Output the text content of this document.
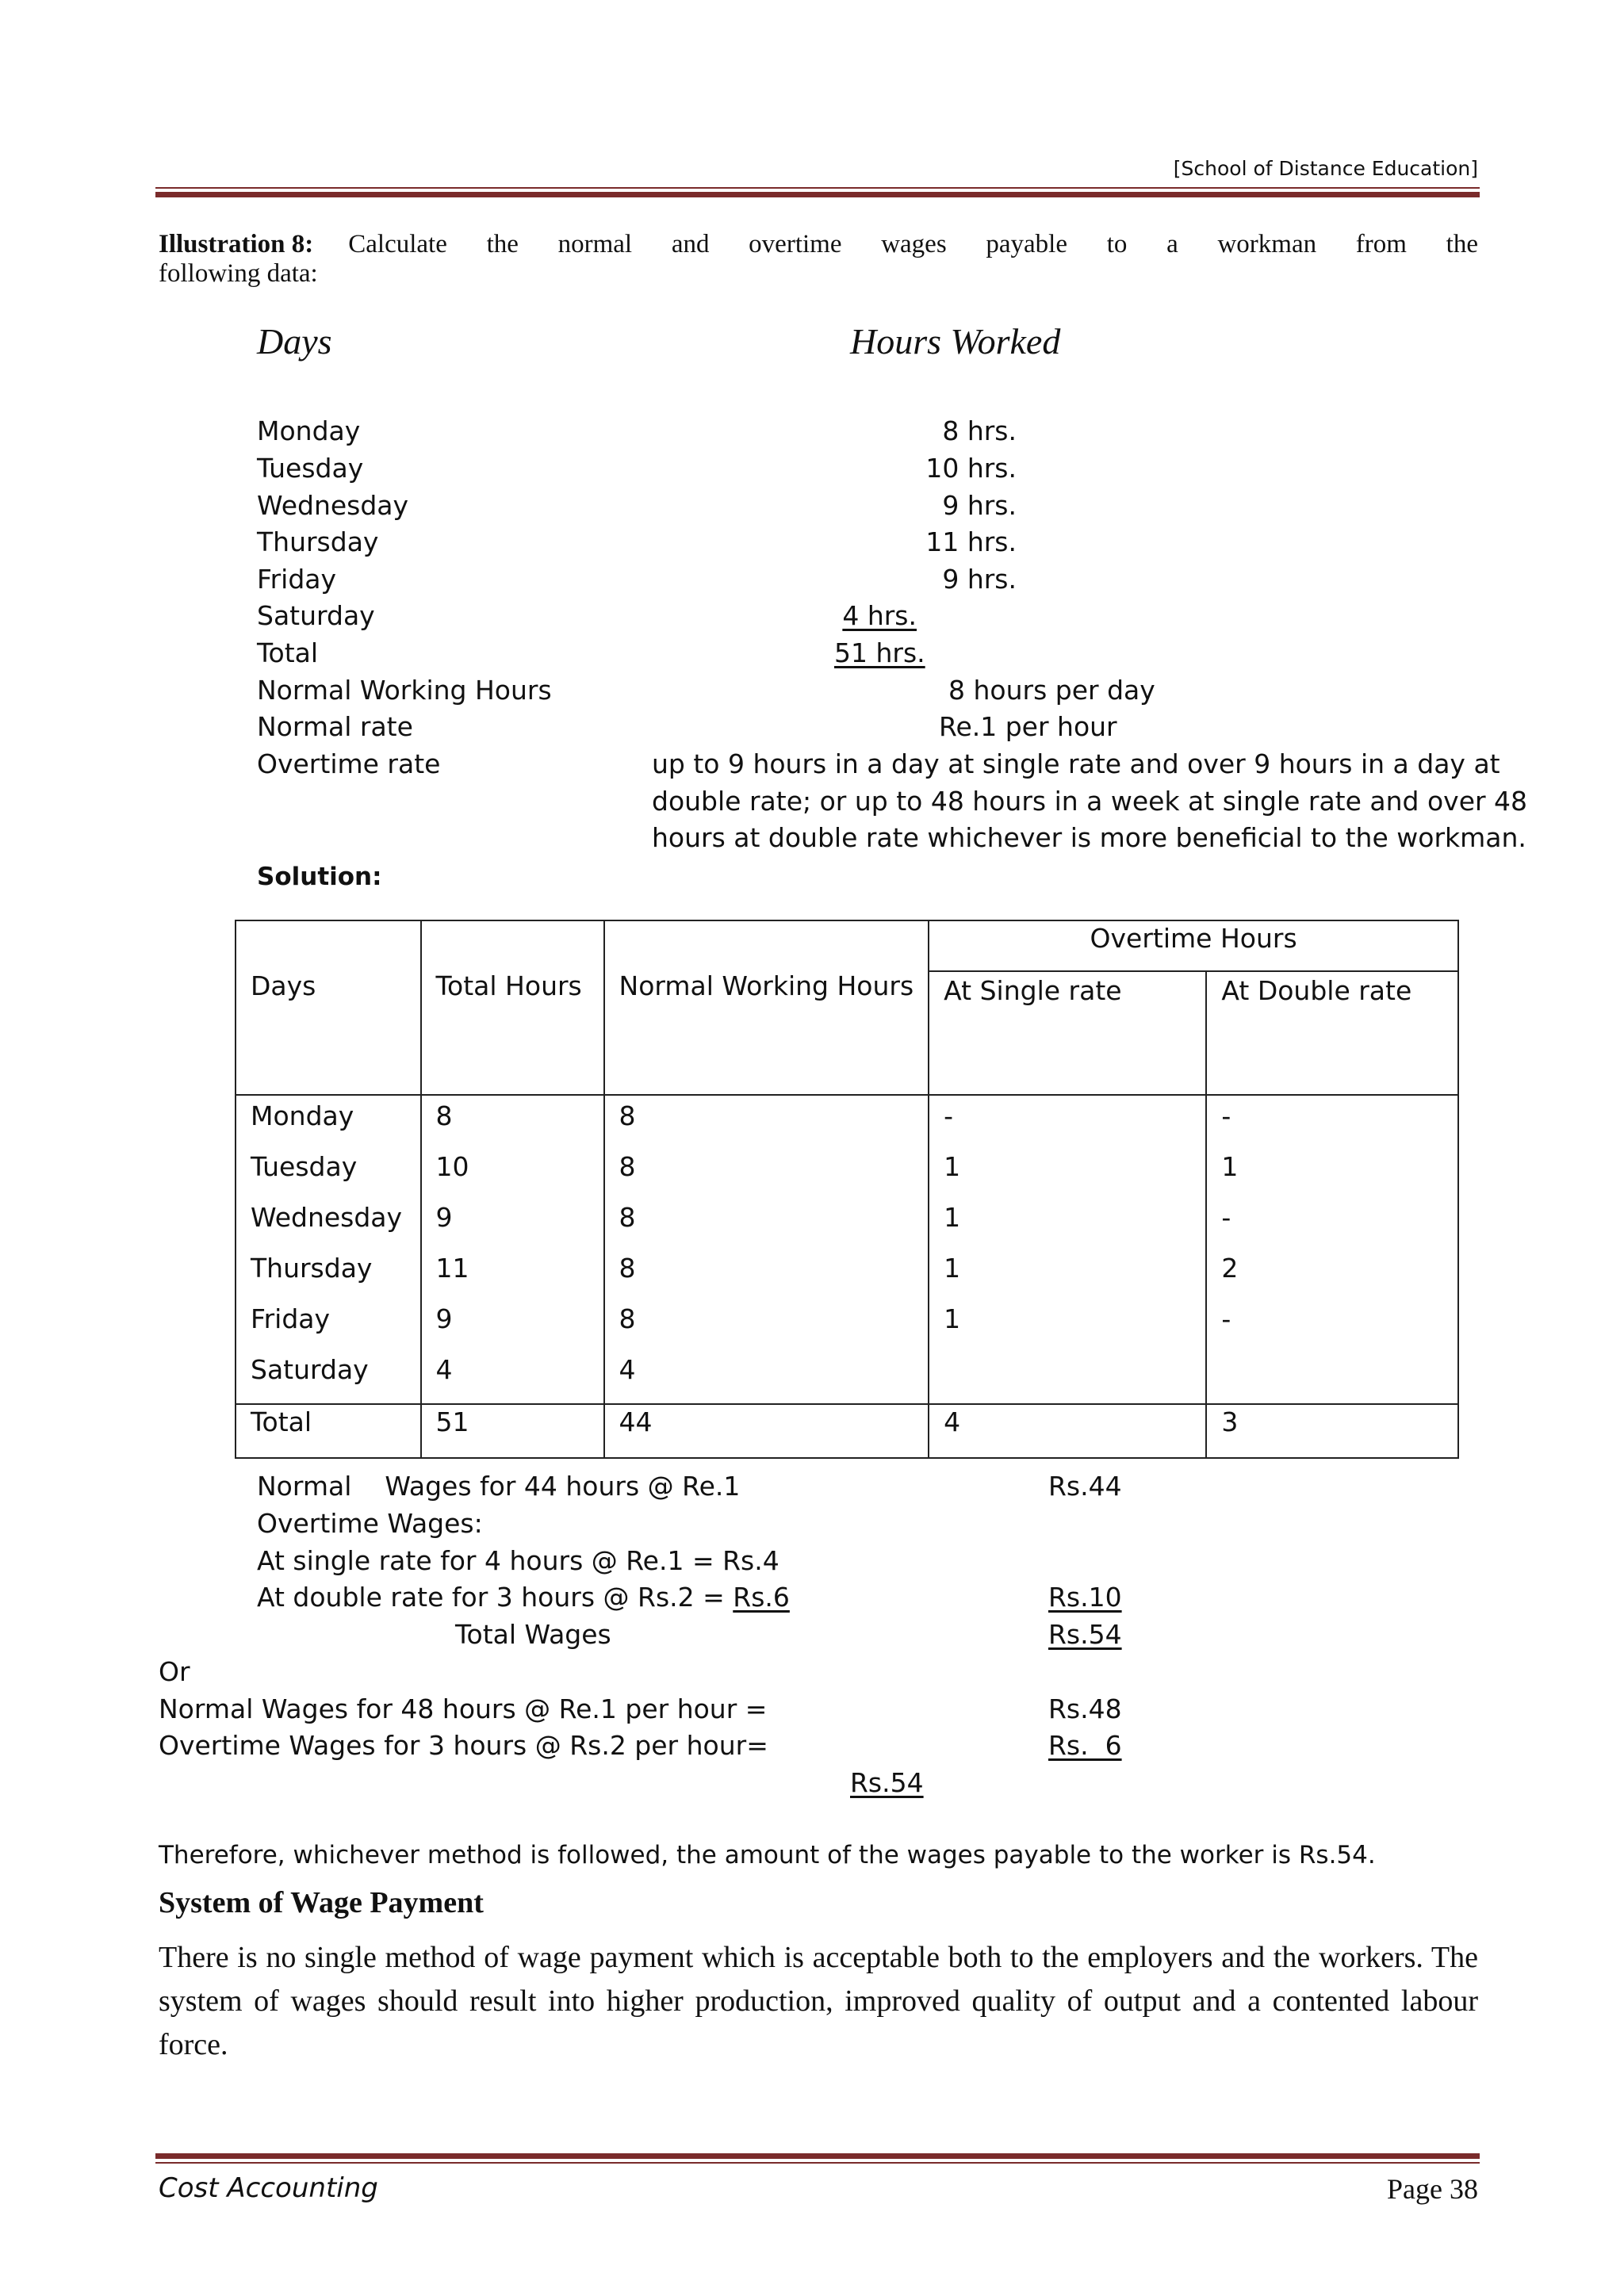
[School of Distance Education]
Illustration 8: Calculate the normal and overtime wages payable to a workman from the
following data:
Days	Hours Worked
Monday	8 hrs.
Tuesday	10 hrs.
Wednesday	9 hrs.
Thursday	11 hrs.
Friday	9 hrs.
Saturday	4 hrs.
Total	51 hrs.
Normal Working Hours	8 hours per day
Normal rate	Re.1 per hour
Overtime rate	up to 9 hours in a day at single rate and over 9 hours in a day at
double rate; or up to 48 hours in a week at single rate and over 48
hours at double rate whichever is more beneficial to the workman.
Solution:
Days	Total Hours	Normal Working Hours	Overtime Hours	
			At Single rate	At Double rate
Monday	8	8	-	-
Tuesday	10	8	1	1
Wednesday	9	8	1	-
Thursday	11	8	1	2
Friday	9	8	1	-
Saturday	4	4		
Total	51	44	4	3
Normal    Wages for 44 hours @ Re.1	Rs.44
Overtime Wages:
At single rate for 4 hours @ Re.1 = Rs.4
At double rate for 3 hours @ Rs.2 = Rs.6	Rs.10
Total Wages	Rs.54
Or
Normal Wages for 48 hours @ Re.1 per hour =	Rs.48
Overtime Wages for 3 hours @ Rs.2 per hour=	Rs.  6
Rs.54
Therefore, whichever method is followed, the amount of the wages payable to the worker is Rs.54.
System of Wage Payment
There is no single method of wage payment which is acceptable both to the employers and the workers. The system of wages should result into higher production, improved quality of output and a contented labour force.
Cost Accounting	Page 38
